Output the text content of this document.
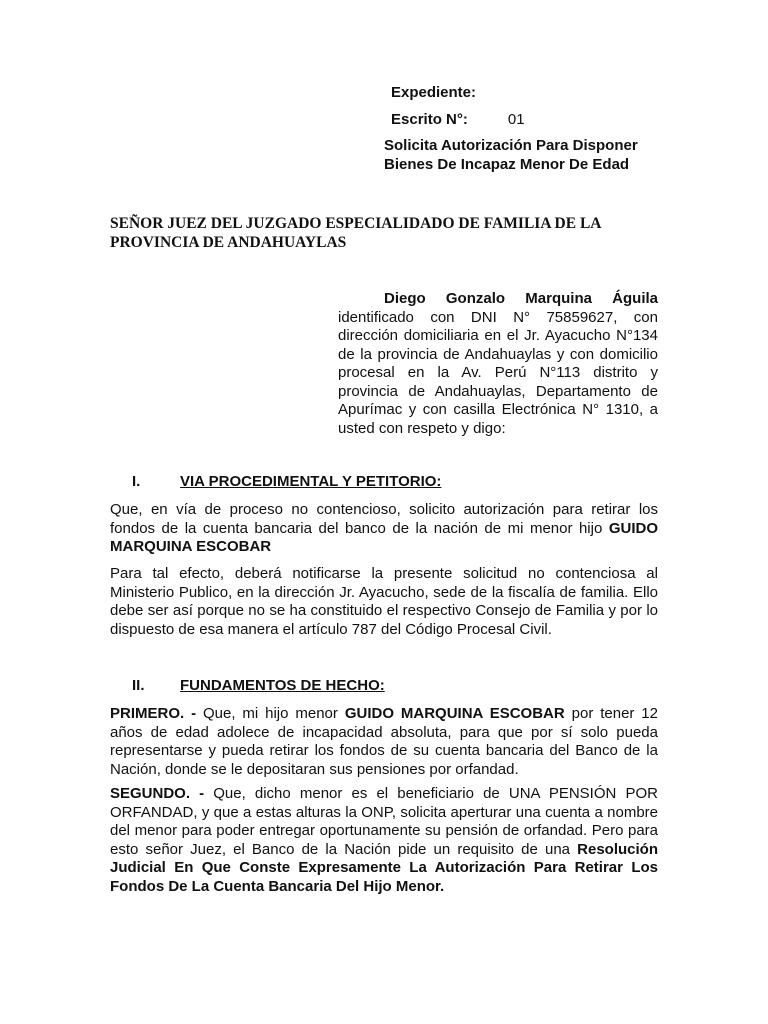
Expediente:
Escrito N°:	01
Solicita Autorización Para Disponer
Bienes De Incapaz Menor De Edad
SEÑOR JUEZ DEL JUZGADO ESPECIALIDADO DE FAMILIA DE LA PROVINCIA DE ANDAHUAYLAS
Diego Gonzalo Marquina Águila identificado con DNI N° 75859627, con dirección domiciliaria en el Jr. Ayacucho N°134 de la provincia de Andahuaylas y con domicilio procesal en la Av. Perú N°113 distrito y provincia de Andahuaylas, Departamento de Apurímac y con casilla Electrónica N° 1310, a usted con respeto y digo:
I.	VIA PROCEDIMENTAL Y PETITORIO:
Que, en vía de proceso no contencioso, solicito autorización para retirar los fondos de la cuenta bancaria del banco de la nación de mi menor hijo GUIDO MARQUINA ESCOBAR
Para tal efecto, deberá notificarse la presente solicitud no contenciosa al Ministerio Publico, en la dirección Jr. Ayacucho, sede de la fiscalía de familia. Ello debe ser así porque no se ha constituido el respectivo Consejo de Familia y por lo dispuesto de esa manera el artículo 787 del Código Procesal Civil.
II. FUNDAMENTOS DE HECHO:
PRIMERO. - Que, mi hijo menor GUIDO MARQUINA ESCOBAR por tener 12 años de edad adolece de incapacidad absoluta, para que por sí solo pueda representarse y pueda retirar los fondos de su cuenta bancaria del Banco de la Nación, donde se le depositaran sus pensiones por orfandad.
SEGUNDO. - Que, dicho menor es el beneficiario de UNA PENSIÓN POR ORFANDAD, y que a estas alturas la ONP, solicita aperturar una cuenta a nombre del menor para poder entregar oportunamente su pensión de orfandad. Pero para esto señor Juez, el Banco de la Nación pide un requisito de una Resolución Judicial En Que Conste Expresamente La Autorización Para Retirar Los Fondos De La Cuenta Bancaria Del Hijo Menor.
